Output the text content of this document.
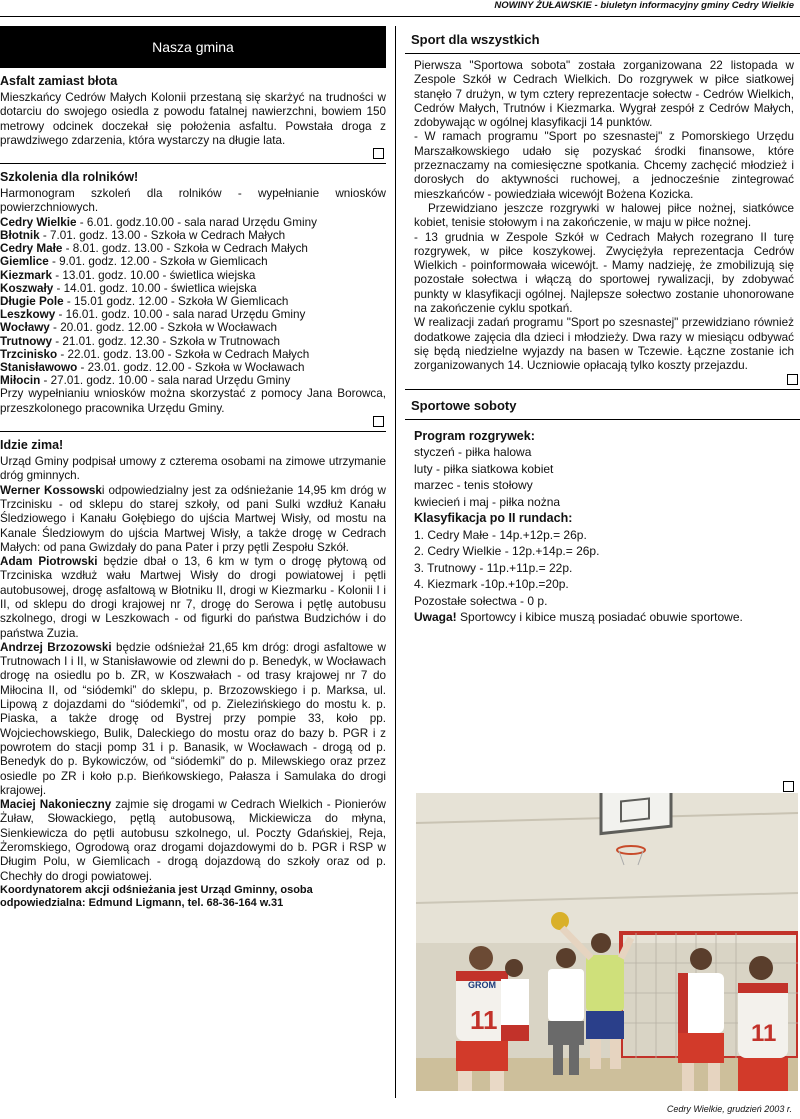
NOWINY ŻUŁAWSKIE - biuletyn informacyjny gminy Cedry Wielkie
Nasza gmina
Asfalt zamiast błota

Mieszkańcy Cedrów Małych Kolonii przestaną się skarżyć na trudności w dotarciu do swojego osiedla z powodu fatalnej nawierzchni, bowiem 150 metrowy odcinek doczekał się położenia asfaltu. Powstała droga z prawdziwego zdarzenia, która wystarczy na długie lata.

Szkolenia dla rolników!

Harmonogram szkoleń dla rolników - wypełnianie wniosków powierzchniowych.

Cedry Wielkie - 6.01. godz.10.00 - sala narad Urzędu Gminy
Błotnik - 7.01. godz. 13.00 - Szkoła w Cedrach Małych
Cedry Małe - 8.01. godz. 13.00 - Szkoła w Cedrach Małych
Giemlice - 9.01. godz. 12.00 - Szkoła w Giemlicach
Kiezmark - 13.01. godz. 10.00 - świetlica wiejska
Koszwały - 14.01. godz. 10.00 - świetlica wiejska
Długie Pole - 15.01 godz. 12.00 - Szkoła W Giemlicach
Leszkowy - 16.01. godz. 10.00 - sala narad Urzędu Gminy
Wocławy - 20.01. godz. 12.00 - Szkoła w Wocławach
Trutnowy - 21.01. godz. 12.30 - Szkoła w Trutnowach
Trzcinisko - 22.01. godz. 13.00 - Szkoła w Cedrach Małych
Stanisławowo - 23.01. godz. 12.00 - Szkoła w Wocławach
Miłocin - 27.01. godz. 10.00 - sala narad Urzędu Gminy

Przy wypełnianiu wniosków można skorzystać z pomocy Jana Borowca, przeszkolonego pracownika Urzędu Gminy.

Idzie zima!

Urząd Gminy podpisał umowy z czterema osobami na zimowe utrzymanie dróg gminnych.

Werner Kossowski odpowiedzialny jest za odśnieżanie 14,95 km dróg w Trzcinisku - od sklepu do starej szkoły, od pani Sulki wzdłuż Kanału Śledziowego i Kanału Gołębiego do ujścia Martwej Wisły, od mostu na Kanale Śledziowym do ujścia Martwej Wisły, a także drogę w Cedrach Małych: od pana Gwizdały do pana Pater i przy pętli Zespołu Szkół.

Adam Piotrowski będzie dbał o 13, 6 km w tym o drogę płytową od Trzciniska wzdłuż wału Martwej Wisły do drogi powiatowej i pętli autobusowej, drogę asfaltową w Błotniku II, drogi w Kiezmarku - Kolonii I i II, od sklepu do drogi krajowej nr 7, drogę do Serowa i pętlę autobusu szkolnego, drogi w Leszkowach - od figurki do państwa Budzichów i do państwa Zuzia.

Andrzej Brzozowski będzie odśnieżał 21,65 km dróg: drogi asfaltowe w Trutnowach I i II, w Stanisławowie od zlewni do p. Benedyk, w Wocławach drogę na osiedlu po b. ZR, w Koszwałach - od trasy krajowej nr 7 do Miłocina II, od “siódemki” do sklepu, p. Brzozowskiego i p. Marksa, ul. Lipową z dojazdami do “siódemki”, od p. Zielezińskiego do mostu k. p. Piaska, a także drogę od Bystrej przy pompie 33, koło pp. Wojciechowskiego, Bulik, Daleckiego do mostu oraz do bazy b. PGR i z powrotem do stacji pomp 31 i p. Banasik, w Wocławach - drogą od p. Benedyk do p. Bykowiczów, od “siódemki” do p. Milewskiego oraz przez osiedle po ZR i koło p.p. Bieńkowskiego, Pałasza i Samulaka do drogi krajowej.

Maciej Nakonieczny zajmie się drogami w Cedrach Wielkich - Pionierów Żuław, Słowackiego, pętlą autobusową, Mickiewicza do młyna, Sienkiewicza do pętli autobusu szkolnego, ul. Poczty Gdańskiej, Reja, Żeromskiego, Ogrodową oraz drogami dojazdowymi do b. PGR i RSP w Długim Polu, w Giemlicach - drogą dojazdową do szkoły oraz od p. Chechły do drogi powiatowej.

Koordynatorem akcji odśnieżania jest Urząd Gminny, osoba odpowiedzialna: Edmund Ligmann, tel. 68-36-164 w.31

Sport dla wszystkich

Pierwsza "Sportowa sobota" została zorganizowana 22 listopada w Zespole Szkół w Cedrach Wielkich. Do rozgrywek w piłce siatkowej stanęło 7 drużyn, w tym cztery reprezentacje sołectw - Cedrów Wielkich, Cedrów Małych, Trutnów i Kiezmarka. Wygrał zespół z Cedrów Małych, zdobywając w ogólnej klasyfikacji 14 punktów.

- W ramach programu "Sport po szesnastej" z Pomorskiego Urzędu Marszałkowskiego udało się pozyskać środki finansowe, które przeznaczamy na comiesięczne spotkania. Chcemy zachęcić młodzież i dorosłych do aktywności ruchowej, a jednocześnie zintegrować mieszkańców - powiedziała wicewójt Bożena Kozicka.

Przewidziano jeszcze rozgrywki w halowej piłce nożnej, siatkówce kobiet, tenisie stołowym i na zakończenie, w maju w piłce nożnej.

- 13 grudnia w Zespole Szkół w Cedrach Małych rozegrano II turę rozgrywek, w piłce koszykowej. Zwyciężyła reprezentacja Cedrów Wielkich - poinformowała wicewójt. - Mamy nadzieję, że zmobilizują się pozostałe sołectwa i włączą do sportowej rywalizacji, by zdobywać punkty w klasyfikacji ogólnej. Najlepsze sołectwo zostanie uhonorowane na zakończenie cyklu spotkań.

W realizacji zadań programu "Sport po szesnastej" przewidziano również dodatkowe zajęcia dla dzieci i młodzieży. Dwa razy w miesiącu odbywać się będą niedzielne wyjazdy na basen w Tczewie. Łączne zostanie ich zorganizowanych 14. Uczniowie opłacają tylko koszty przejazdu.

Sportowe soboty
Program rozgrywek:
styczeń - piłka halowa
luty - piłka siatkowa kobiet
marzec - tenis stołowy
kwiecień i maj - piłka nożna
Klasyfikacja po II rundach:
1. Cedry Małe - 14p.+12p.= 26p.
2. Cedry Wielkie - 12p.+14p.= 26p.
3. Trutnowy - 11p.+11p.= 22p.
4. Kiezmark -10p.+10p.=20p.
Pozostałe sołectwa - 0 p.
Uwaga! Sportowcy i kibice muszą posiadać obuwie sportowe.
11
GROM
11
Cedry Wielkie, grudzień 2003 r.
